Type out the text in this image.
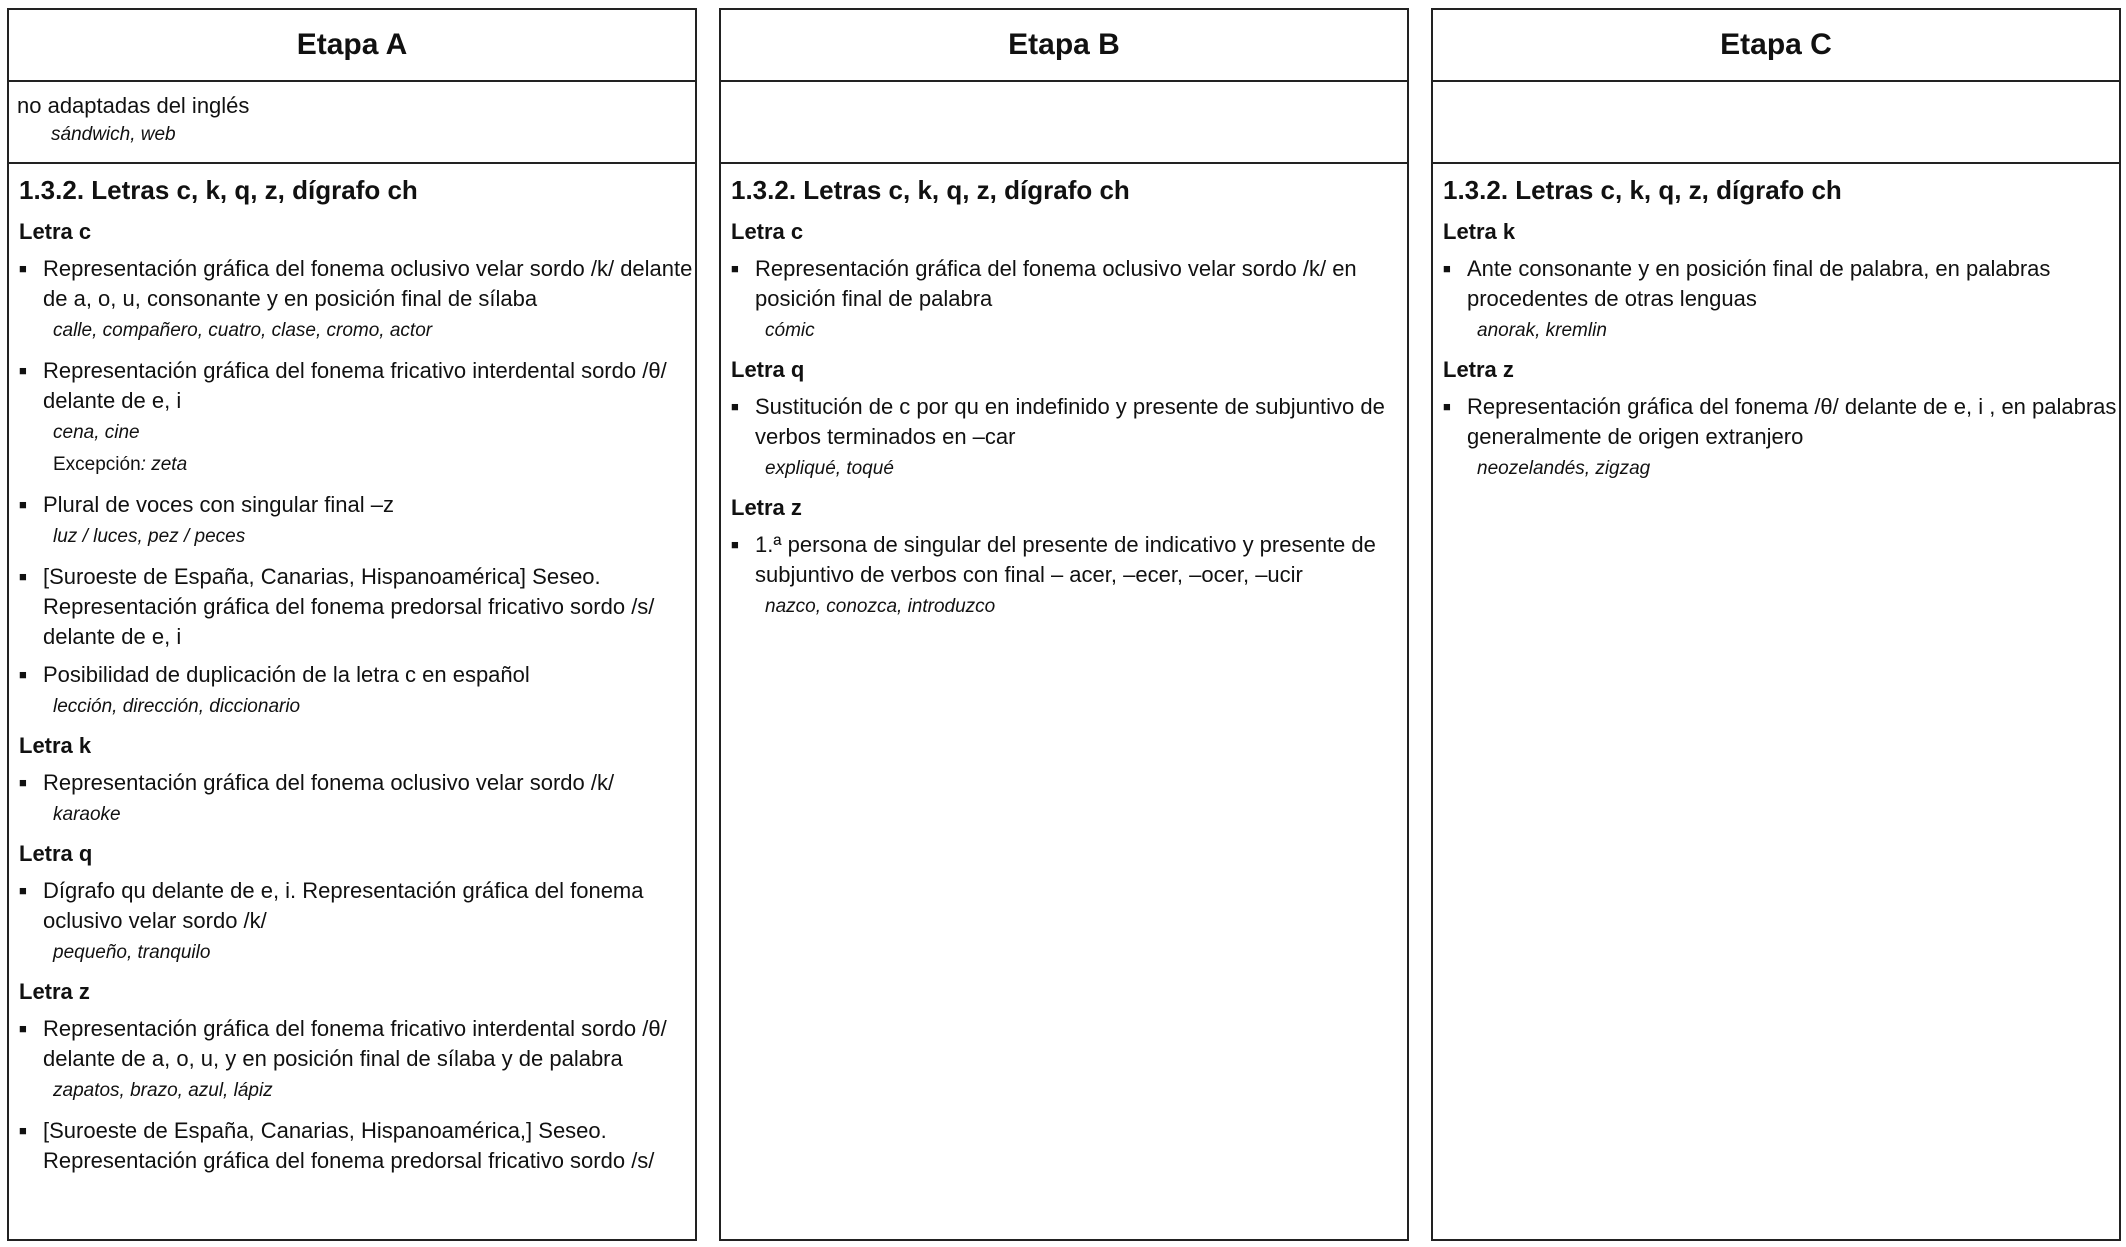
Etapa A
no adaptadas del inglés
sándwich, web
1.3.2. Letras c, k, q, z, dígrafo ch
Letra c
■ Representación gráfica del fonema oclusivo velar sordo /k/ delante de a, o, u, consonante y en posición final de sílaba
calle, compañero, cuatro, clase, cromo, actor
■ Representación gráfica del fonema fricativo interdental sordo /θ/ delante de e, i
cena, cine
Excepción: zeta
■ Plural de voces con singular final –z
luz / luces, pez / peces
■ [Suroeste de España, Canarias, Hispanoamérica] Seseo. Representación gráfica del fonema predorsal fricativo sordo /s/ delante de e, i
■ Posibilidad de duplicación de la letra c en español
lección, dirección, diccionario
Letra k
■ Representación gráfica del fonema oclusivo velar sordo /k/
karaoke
Letra q
■ Dígrafo qu delante de e, i. Representación gráfica del fonema oclusivo velar sordo /k/
pequeño, tranquilo
Letra z
■ Representación gráfica del fonema fricativo interdental sordo /θ/ delante de a, o, u, y en posición final de sílaba y de palabra
zapatos, brazo, azul, lápiz
■ [Suroeste de España, Canarias, Hispanoamérica,] Seseo. Representación gráfica del fonema predorsal fricativo sordo /s/
Etapa B
1.3.2. Letras c, k, q, z, dígrafo ch
Letra c
■ Representación gráfica del fonema oclusivo velar sordo /k/ en posición final de palabra
cómic
Letra q
■ Sustitución de c por qu en indefinido y presente de subjuntivo de verbos terminados en –car
expliqué, toqué
Letra z
■ 1.ª persona de singular del presente de indicativo y presente de subjuntivo de verbos con final – acer, –ecer, –ocer, –ucir
nazco, conozca, introduzco
Etapa C
1.3.2. Letras c, k, q, z, dígrafo ch
Letra k
■ Ante consonante y en posición final de palabra, en palabras procedentes de otras lenguas
anorak, kremlin
Letra z
■ Representación gráfica del fonema /θ/ delante de e, i , en palabras generalmente de origen extranjero
neozelandés, zigzag
